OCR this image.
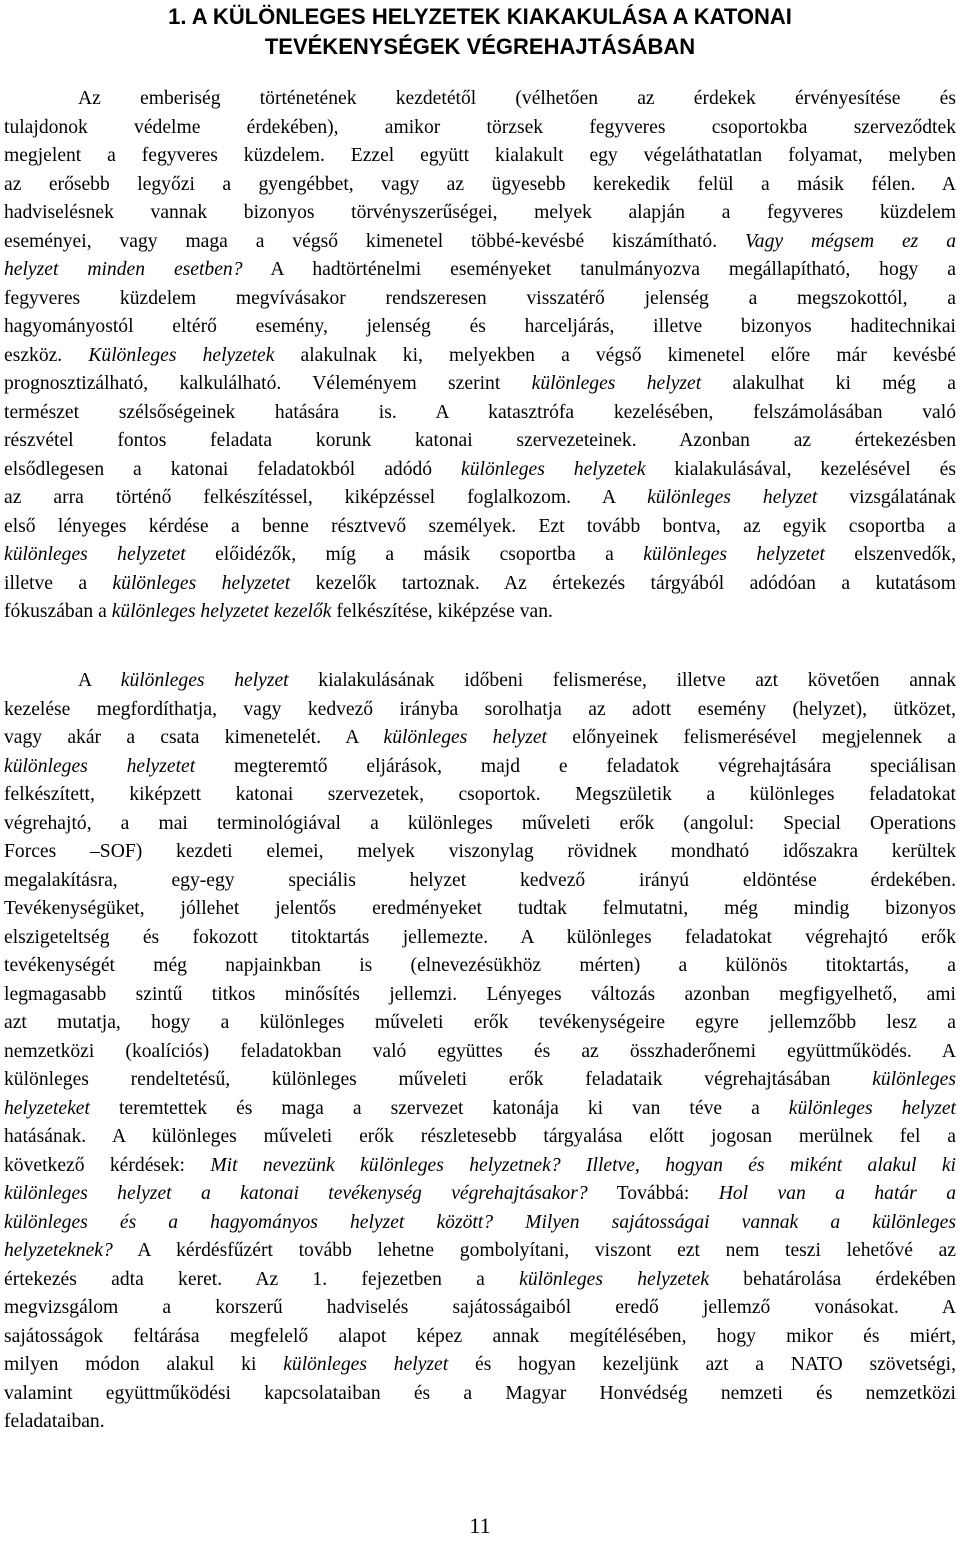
1. A KÜLÖNLEGES HELYZETEK KIAKAKULÁSA A KATONAI
TEVÉKENYSÉGEK VÉGREHAJTÁSÁBAN
Az emberiség történetének kezdetétől (vélhetően az érdekek érvényesítése és
tulajdonok védelme érdekében), amikor törzsek fegyveres csoportokba szerveződtek
megjelent a fegyveres küzdelem. Ezzel együtt kialakult egy végeláthatatlan folyamat, melyben
az erősebb legyőzi a gyengébbet, vagy az ügyesebb kerekedik felül a másik félen. A
hadviselésnek vannak bizonyos törvényszerűségei, melyek alapján a fegyveres küzdelem
eseményei, vagy maga a végső kimenetel többé-kevésbé kiszámítható. Vagy mégsem ez a
helyzet minden esetben? A hadtörténelmi eseményeket tanulmányozva megállapítható, hogy a
fegyveres küzdelem megvívásakor rendszeresen visszatérő jelenség a megszokottól, a
hagyományostól eltérő esemény, jelenség és harceljárás, illetve bizonyos haditechnikai
eszköz. Különleges helyzetek alakulnak ki, melyekben a végső kimenetel előre már kevésbé
prognosztizálható, kalkulálható. Véleményem szerint különleges helyzet alakulhat ki még a
természet szélsőségeinek hatására is. A katasztrófa kezelésében, felszámolásában való
részvétel fontos feladata korunk katonai szervezeteinek. Azonban az értekezésben
elsődlegesen a katonai feladatokból adódó különleges helyzetek kialakulásával, kezelésével és
az arra történő felkészítéssel, kiképzéssel foglalkozom. A különleges helyzet vizsgálatának
első lényeges kérdése a benne résztvevő személyek. Ezt tovább bontva, az egyik csoportba a
különleges helyzetet előidézők, míg a másik csoportba a különleges helyzetet elszenvedők,
illetve a különleges helyzetet kezelők tartoznak. Az értekezés tárgyából adódóan a kutatásom
fókuszában a különleges helyzetet kezelők felkészítése, kiképzése van.
A különleges helyzet kialakulásának időbeni felismerése, illetve azt követően annak
kezelése megfordíthatja, vagy kedvező irányba sorolhatja az adott esemény (helyzet), ütközet,
vagy akár a csata kimenetelét. A különleges helyzet előnyeinek felismerésével megjelennek a
különleges helyzetet megteremtő eljárások, majd e feladatok végrehajtására speciálisan
felkészített, kiképzett katonai szervezetek, csoportok. Megszületik a különleges feladatokat
végrehajtó, a mai terminológiával a különleges műveleti erők (angolul: Special Operations
Forces –SOF) kezdeti elemei, melyek viszonylag rövidnek mondható időszakra kerültek
megalakításra, egy-egy speciális helyzet kedvező irányú eldöntése érdekében.
Tevékenységüket, jóllehet jelentős eredményeket tudtak felmutatni, még mindig bizonyos
elszigeteltség és fokozott titoktartás jellemezte. A különleges feladatokat végrehajtó erők
tevékenységét még napjainkban is (elnevezésükhöz mérten) a különös titoktartás, a
legmagasabb szintű titkos minősítés jellemzi. Lényeges változás azonban megfigyelhető, ami
azt mutatja, hogy a különleges műveleti erők tevékenységeire egyre jellemzőbb lesz a
nemzetközi (koalíciós) feladatokban való együttes és az összhaderőnemi együttműködés. A
különleges rendeltetésű, különleges műveleti erők feladataik végrehajtásában különleges
helyzeteket teremtettek és maga a szervezet katonája ki van téve a különleges helyzet
hatásának. A különleges műveleti erők részletesebb tárgyalása előtt jogosan merülnek fel a
következő kérdések: Mit nevezünk különleges helyzetnek? Illetve, hogyan és miként alakul ki
különleges helyzet a katonai tevékenység végrehajtásakor? Továbbá: Hol van a határ a
különleges és a hagyományos helyzet között? Milyen sajátosságai vannak a különleges
helyzeteknek? A kérdésfűzért tovább lehetne gombolyítani, viszont ezt nem teszi lehetővé az
értekezés adta keret. Az 1. fejezetben a különleges helyzetek behatárolása érdekében
megvizsgálom a korszerű hadviselés sajátosságaiból eredő jellemző vonásokat. A
sajátosságok feltárása megfelelő alapot képez annak megítélésében, hogy mikor és miért,
milyen módon alakul ki különleges helyzet és hogyan kezeljünk azt a NATO szövetségi,
valamint együttműködési kapcsolataiban és a Magyar Honvédség nemzeti és nemzetközi
feladataiban.
11
